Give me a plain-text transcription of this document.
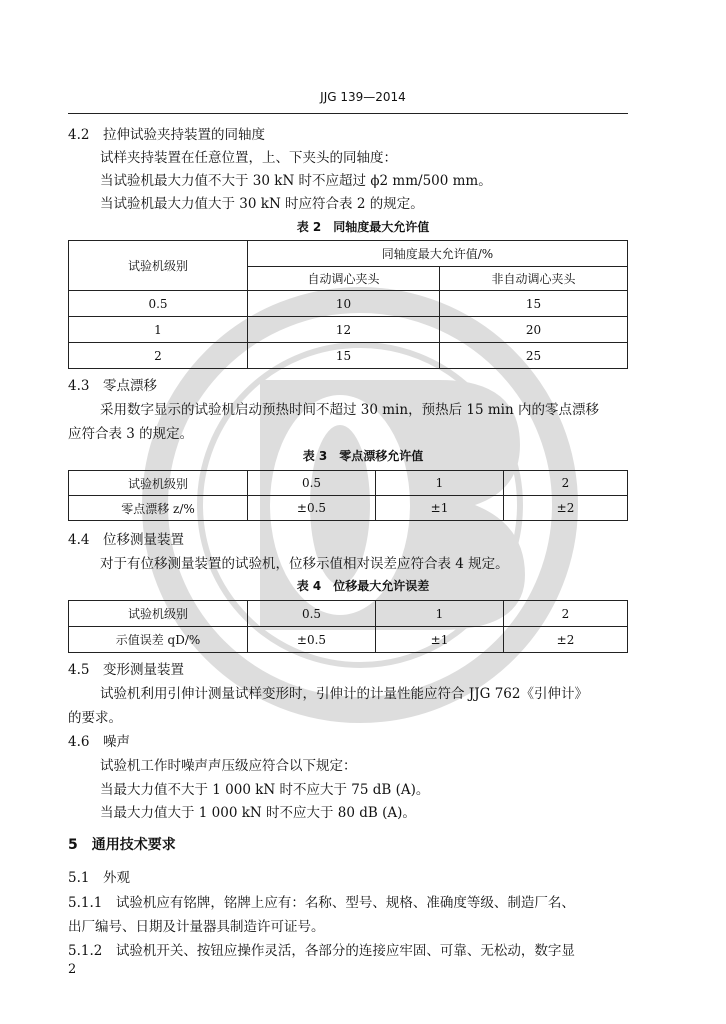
JJG 139—2014
4.2　拉伸试验夹持装置的同轴度
试样夹持装置在任意位置，上、下夹头的同轴度：
当试验机最大力值不大于 30 kN 时不应超过 ϕ2 mm/500 mm。
当试验机最大力值大于 30 kN 时应符合表 2 的规定。
表 2　同轴度最大允许值
试验机级别	同轴度最大允许值/%	
	自动调心夹头	非自动调心夹头
0.5	10	15
1	12	20
2	15	25
4.3　零点漂移
采用数字显示的试验机启动预热时间不超过 30 min，预热后 15 min 内的零点漂移
应符合表 3 的规定。
表 3　零点漂移允许值
试验机级别	0.5	1	2
零点漂移 z/%	±0.5	±1	±2
4.4　位移测量装置
对于有位移测量装置的试验机，位移示值相对误差应符合表 4 规定。
表 4　位移最大允许误差
试验机级别	0.5	1	2
示值误差 qD/%	±0.5	±1	±2
4.5　变形测量装置
试验机利用引伸计测量试样变形时，引伸计的计量性能应符合 JJG 762《引伸计》
的要求。
4.6　噪声
试验机工作时噪声声压级应符合以下规定：
当最大力值不大于 1 000 kN 时不应大于 75 dB (A)。
当最大力值大于 1 000 kN 时不应大于 80 dB (A)。
5　通用技术要求
5.1　外观
5.1.1　试验机应有铭牌，铭牌上应有：名称、型号、规格、准确度等级、制造厂名、
出厂编号、日期及计量器具制造许可证号。
5.1.2　试验机开关、按钮应操作灵活，各部分的连接应牢固、可靠、无松动，数字显
2
